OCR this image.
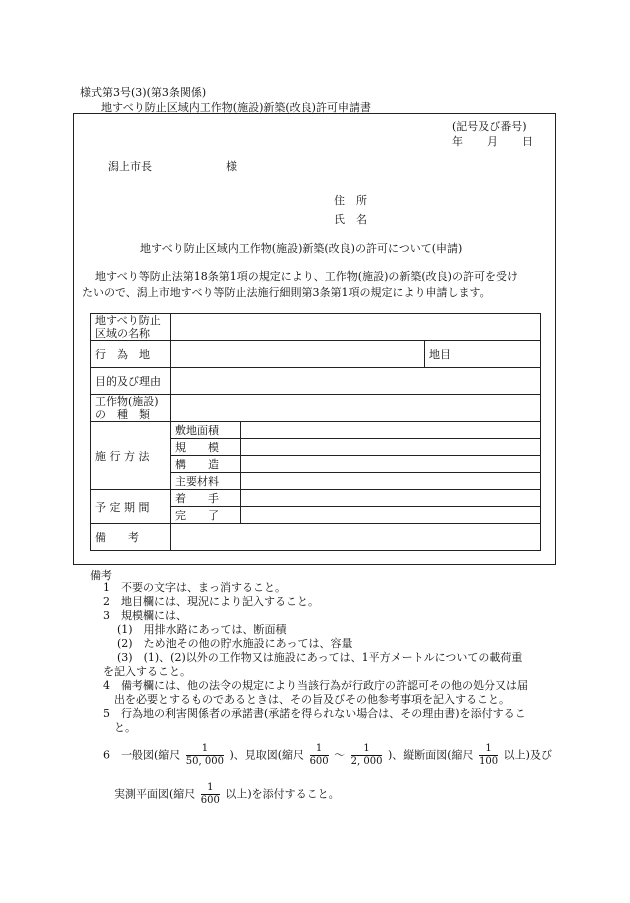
様式第3号(3)(第3条関係)
地すべり防止区域内工作物(施設)新築(改良)許可申請書
(記号及び番号)
年 月 日
潟上市長	様
住　所
氏　名
地すべり防止区域内工作物(施設)新築(改良)の許可について(申請)
地すべり等防止法第18条第1項の規定により、工作物(施設)の新築(改良)の許可を受け
たいので、潟上市地すべり等防止法施行細則第3条第1項の規定により申請します。
地すべり防止
区域の名称			
行　為　地			地目
目的及び理由			
工作物(施設)
の　種　類			
施 行 方 法	敷地面積		
	規　　模		
	構　　造		
	主要材料		
予 定 期 間	着　　手		
	完　　了		
備　　考			
備考
1　不要の文字は、まっ消すること。
2　地目欄には、現況により記入すること。
3　規模欄には、
(1)　用排水路にあっては、断面積
(2)　ため池その他の貯水施設にあっては、容量
(3)　(1)、(2)以外の工作物又は施設にあっては、1平方メートルについての載荷重
を記入すること。
4　備考欄には、他の法令の規定により当該行為が行政庁の許認可その他の処分又は届
出を必要とするものであるときは、その旨及びその他参考事項を記入すること。
5　行為地の利害関係者の承諾書(承諾を得られない場合は、その理由書)を添付するこ
と。
6　一般図(縮尺 $\frac{1}{50, 000}$ )、見取図(縮尺 $\frac{1}{600}$ ～ $\frac{1}{2, 000}$ )、縦断面図(縮尺 $\frac{1}{100}$ 以上)及び
実測平面図(縮尺 $\frac{1}{600}$ 以上)を添付すること。
